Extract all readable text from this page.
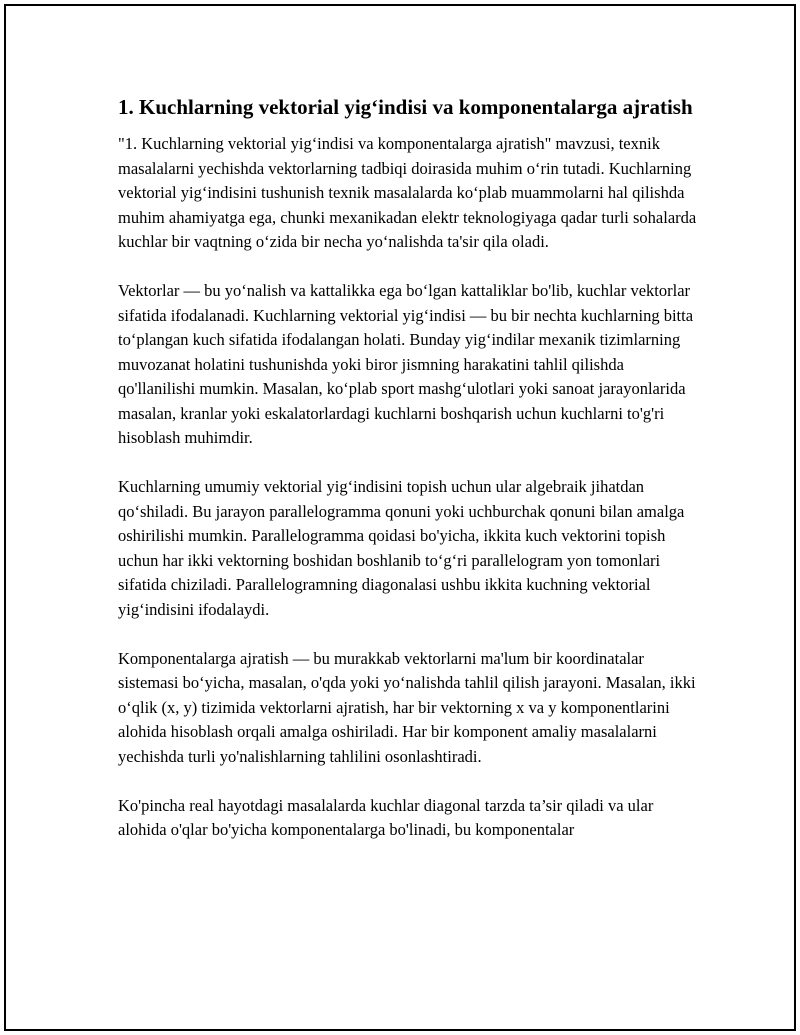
1. Kuchlarning vektorial yig‘indisi va komponentalarga ajratish

"1. Kuchlarning vektorial yig‘indisi va komponentalarga ajratish" mavzusi, texnik masalalarni yechishda vektorlarning tadbiqi doirasida muhim o‘rin tutadi. Kuchlarning vektorial yig‘indisini tushunish texnik masalalarda ko‘plab muammolarni hal qilishda muhim ahamiyatga ega, chunki mexanikadan elektr teknologiyaga qadar turli sohalarda kuchlar bir vaqtning o‘zida bir necha yo‘nalishda ta'sir qila oladi.

Vektorlar — bu yo‘nalish va kattalikka ega bo‘lgan kattaliklar bo'lib, kuchlar vektorlar sifatida ifodalanadi. Kuchlarning vektorial yig‘indisi — bu bir nechta kuchlarning bitta to‘plangan kuch sifatida ifodalangan holati. Bunday yig‘indilar mexanik tizimlarning muvozanat holatini tushunishda yoki biror jismning harakatini tahlil qilishda qo'llanilishi mumkin. Masalan, ko‘plab sport mashg‘ulotlari yoki sanoat jarayonlarida masalan, kranlar yoki eskalatorlardagi kuchlarni boshqarish uchun kuchlarni to'g'ri hisoblash muhimdir.

Kuchlarning umumiy vektorial yig‘indisini topish uchun ular algebraik jihatdan qo‘shiladi. Bu jarayon parallelogramma qonuni yoki uchburchak qonuni bilan amalga oshirilishi mumkin. Parallelogramma qoidasi bo'yicha, ikkita kuch vektorini topish uchun har ikki vektorning boshidan boshlanib to‘g‘ri parallelogram yon tomonlari sifatida chiziladi. Parallelogramning diagonalasi ushbu ikkita kuchning vektorial yig‘indisini ifodalaydi.

Komponentalarga ajratish — bu murakkab vektorlarni ma'lum bir koordinatalar sistemasi bo‘yicha, masalan, o'qda yoki yo‘nalishda tahlil qilish jarayoni. Masalan, ikki o‘qlik (x, y) tizimida vektorlarni ajratish, har bir vektorning x va y komponentlarini alohida hisoblash orqali amalga oshiriladi. Har bir komponent amaliy masalalarni yechishda turli yo'nalishlarning tahlilini osonlashtiradi.

Ko'pincha real hayotdagi masalalarda kuchlar diagonal tarzda ta’sir qiladi va ular alohida o'qlar bo'yicha komponentalarga bo'linadi, bu komponentalar
